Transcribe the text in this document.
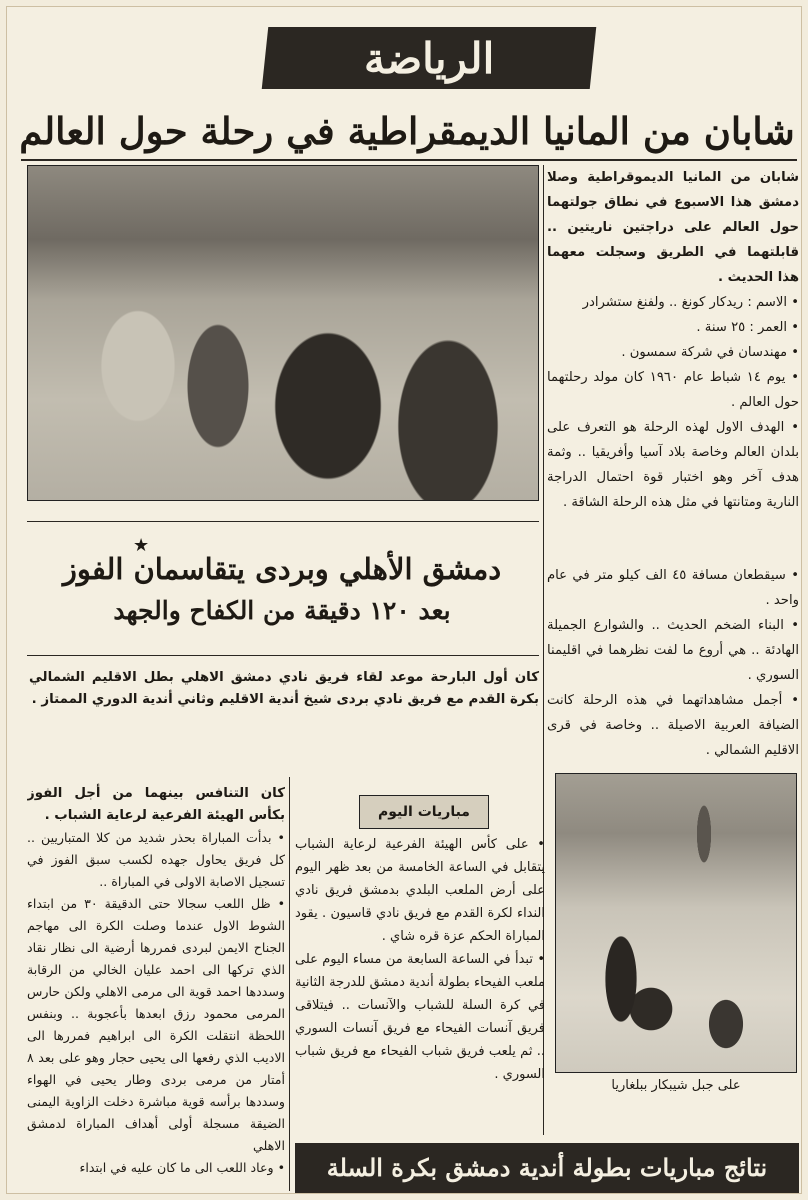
الرياضة
شابان من المانيا الديمقراطية في رحلة حول العالم

شابان من المانيا الديموقراطية وصلا دمشق هذا الاسبوع في نطاق جولتهما حول العالم على دراجتين ناريتين .. قابلتهما في الطريق وسجلت معهما هذا الحديث .

• الاسم : ريدكار كونغ .. ولفنغ ستشرادر

• العمر : ٢٥ سنة .

• مهندسان في شركة سمسون .

• يوم ١٤ شباط عام ١٩٦٠ كان مولد رحلتهما حول العالم .

• الهدف الاول لهذه الرحلة هو التعرف على بلدان العالم وخاصة بلاد آسيا وأفريقيا .. وثمة هدف آخر وهو اختبار قوة احتمال الدراجة النارية ومتانتها في مثل هذه الرحلة الشاقة .

• سيقطعان مسافة ٤٥ الف كيلو متر في عام واحد .

• البناء الضخم الحديث .. والشوارع الجميلة الهادئة .. هي أروع ما لفت نظرهما في اقليمنا السوري .

• أجمل مشاهداتهما في هذه الرحلة كانت الضيافة العربية الاصيلة .. وخاصة في قرى الاقليم الشمالي .

★
دمشق الأهلي وبردى يتقاسمان الفوز
بعد ١٢٠ دقيقة من الكفاح والجهد
كان أول البارحة موعد لقاء فريق نادي دمشق الاهلي بطل الاقليم الشمالي بكرة القدم مع فريق نادي بردى شيخ أندية الاقليم وثاني أندية الدوري الممتاز .

كان التنافس بينهما من أجل الفوز بكأس الهيئة الفرعية لرعاية الشباب .

• بدأت المباراة بحذر شديد من كلا المتباريين .. كل فريق يحاول جهده لكسب سبق الفوز في تسجيل الاصابة الاولى في المباراة ..

• ظل اللعب سجالا حتى الدقيقة ٣٠ من ابتداء الشوط الاول عندما وصلت الكرة الى مهاجم الجناح الايمن لبردى فمررها أرضية الى نظار نقاد الذي تركها الى احمد عليان الخالي من الرقابة وسددها احمد قوية الى مرمى الاهلي ولكن حارس المرمى محمود رزق ابعدها بأعجوبة .. وبنفس اللحظة انتقلت الكرة الى ابراهيم فمررها الى الاديب الذي رفعها الى يحيى حجار وهو على بعد ٨ أمتار من مرمى بردى وطار يحيى في الهواء وسددها برأسه قوية مباشرة دخلت الزاوية اليمنى الضيقة مسجلة أولى أهداف المباراة لدمشق الاهلي

• وعاد اللعب الى ما كان عليه في ابتداء

مباريات اليوم

• على كأس الهيئة الفرعية لرعاية الشباب يتقابل في الساعة الخامسة من بعد ظهر اليوم على أرض الملعب البلدي بدمشق فريق نادي النداء لكرة القدم مع فريق نادي قاسيون . يقود المباراة الحكم عزة قره شاي .

• تبدأ في الساعة السابعة من مساء اليوم على ملعب الفيحاء بطولة أندية دمشق للدرجة الثانية في كرة السلة للشباب والآنسات .. فيتلاقى فريق آنسات الفيحاء مع فريق آنسات السوري .. ثم يلعب فريق شباب الفيحاء مع فريق شباب السوري .

على جبل شيبكار ببلغاريا
نتائج مباريات بطولة أندية دمشق بكرة السلة
